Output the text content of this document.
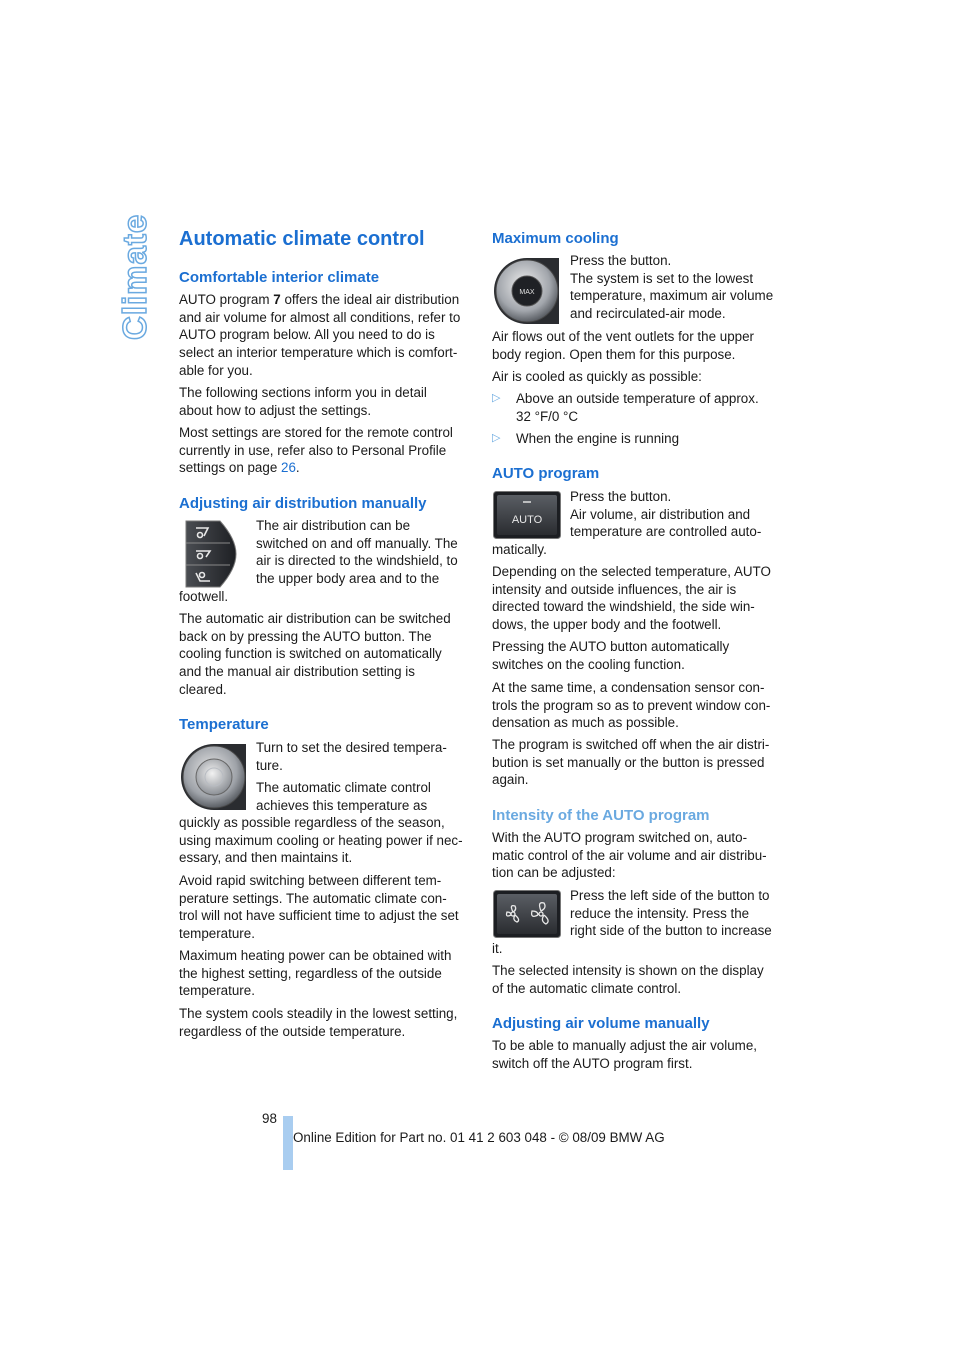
Climate Automatic climate control
Comfortable interior climate

AUTO program 7 offers the ideal air distribution

and air volume for almost all conditions, refer to

AUTO program below. All you need to do is

select an interior temperature which is comfort-

able for you.

The following sections inform you in detail

about how to adjust the settings.

Most settings are stored for the remote control

currently in use, refer also to Personal Profile

settings on page 26.

Adjusting air distribution manually

The air distribution can be

switched on and off manually. The

air is directed to the windshield, to

the upper body area and to the

footwell.

The automatic air distribution can be switched

back on by pressing the AUTO button. The

cooling function is switched on automatically

and the manual air distribution setting is

cleared.

Temperature

Turn to set the desired tempera-

ture.

The automatic climate control

achieves this temperature as

quickly as possible regardless of the season,

using maximum cooling or heating power if nec-

essary, and then maintains it.

Avoid rapid switching between different tem-

perature settings. The automatic climate con-

trol will not have sufficient time to adjust the set

temperature.

Maximum heating power can be obtained with

the highest setting, regardless of the outside

temperature.

The system cools steadily in the lowest setting,

regardless of the outside temperature.

Maximum cooling
MAX

Press the button.

The system is set to the lowest

temperature, maximum air volume

and recirculated-air mode.

Air flows out of the vent outlets for the upper

body region. Open them for this purpose.

Air is cooled as quickly as possible:

▷ Above an outside temperature of approx.

32 °F/0 °C

▷ When the engine is running

AUTO program
AUTO

Press the button.

Air volume, air distribution and

temperature are controlled auto-

matically.

Depending on the selected temperature, AUTO

intensity and outside influences, the air is

directed toward the windshield, the side win-

dows, the upper body and the footwell.

Pressing the AUTO button automatically

switches on the cooling function.

At the same time, a condensation sensor con-

trols the program so as to prevent window con-

densation as much as possible.

The program is switched off when the air distri-

bution is set manually or the button is pressed

again.

Intensity of the AUTO program

With the AUTO program switched on, auto-

matic control of the air volume and air distribu-

tion can be adjusted:

Press the left side of the button to

reduce the intensity. Press the

right side of the button to increase

it.

The selected intensity is shown on the display

of the automatic climate control.

Adjusting air volume manually

To be able to manually adjust the air volume,

switch off the AUTO program first.

98
Online Edition for Part no. 01 41 2 603 048 - © 08/09 BMW AG
